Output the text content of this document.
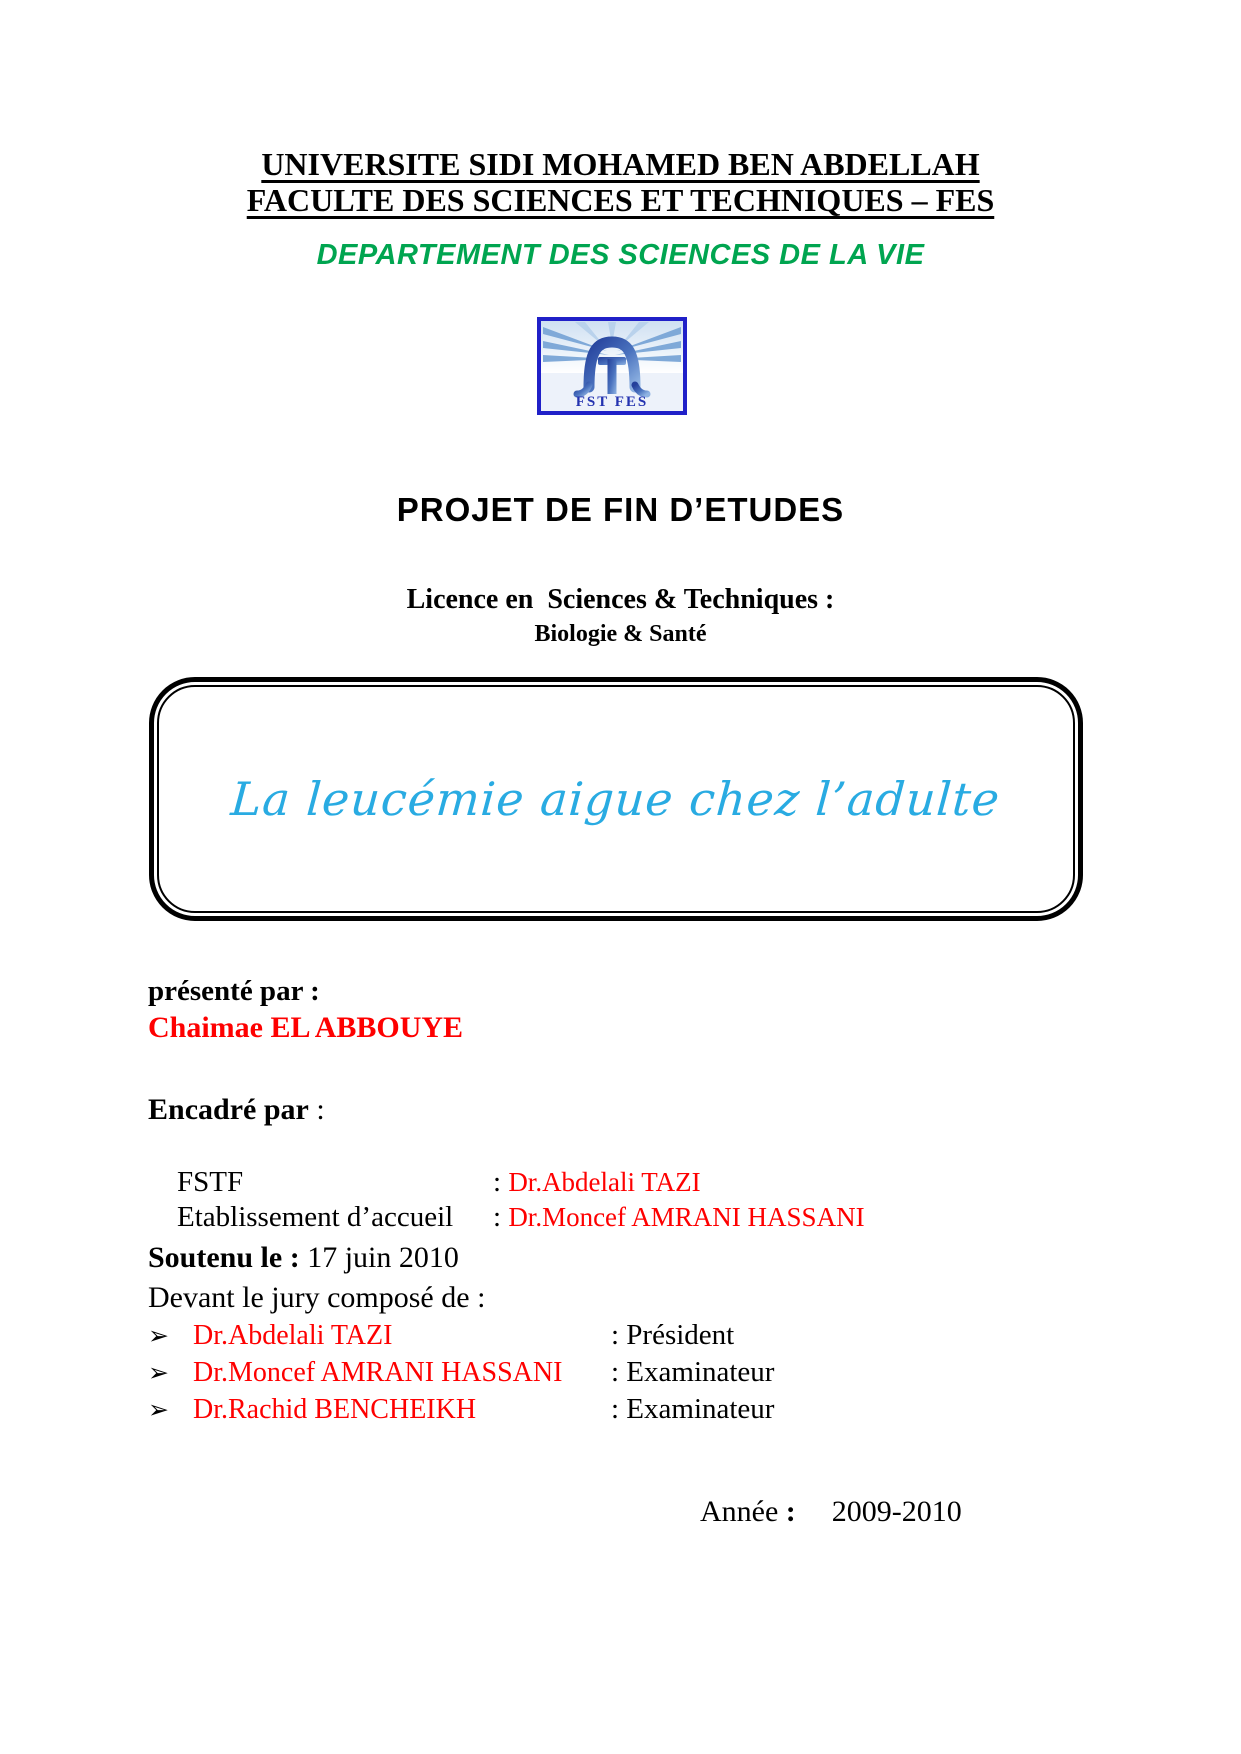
UNIVERSITE SIDI MOHAMED BEN ABDELLAH
FACULTE DES SCIENCES ET TECHNIQUES – FES
DEPARTEMENT DES SCIENCES DE LA VIE
FST FES
PROJET DE FIN D’ETUDES
Licence en  Sciences & Techniques :
Biologie & Santé
La leucémie aigue chez l’adulte
présenté par :
Chaimae EL ABBOUYE
Encadré par :

FSTF	: Dr.Abdelali TAZI

Etablissement d’accueil : Dr.Moncef AMRANI HASSANI

Soutenu le : 17 juin 2010
Devant le jury composé de :
➢ Dr.Abdelali TAZI	: Président
➢ Dr.Moncef AMRANI HASSANI	: Examinateur
➢ Dr.Rachid BENCHEIKH	: Examinateur
Année : 2009-2010
